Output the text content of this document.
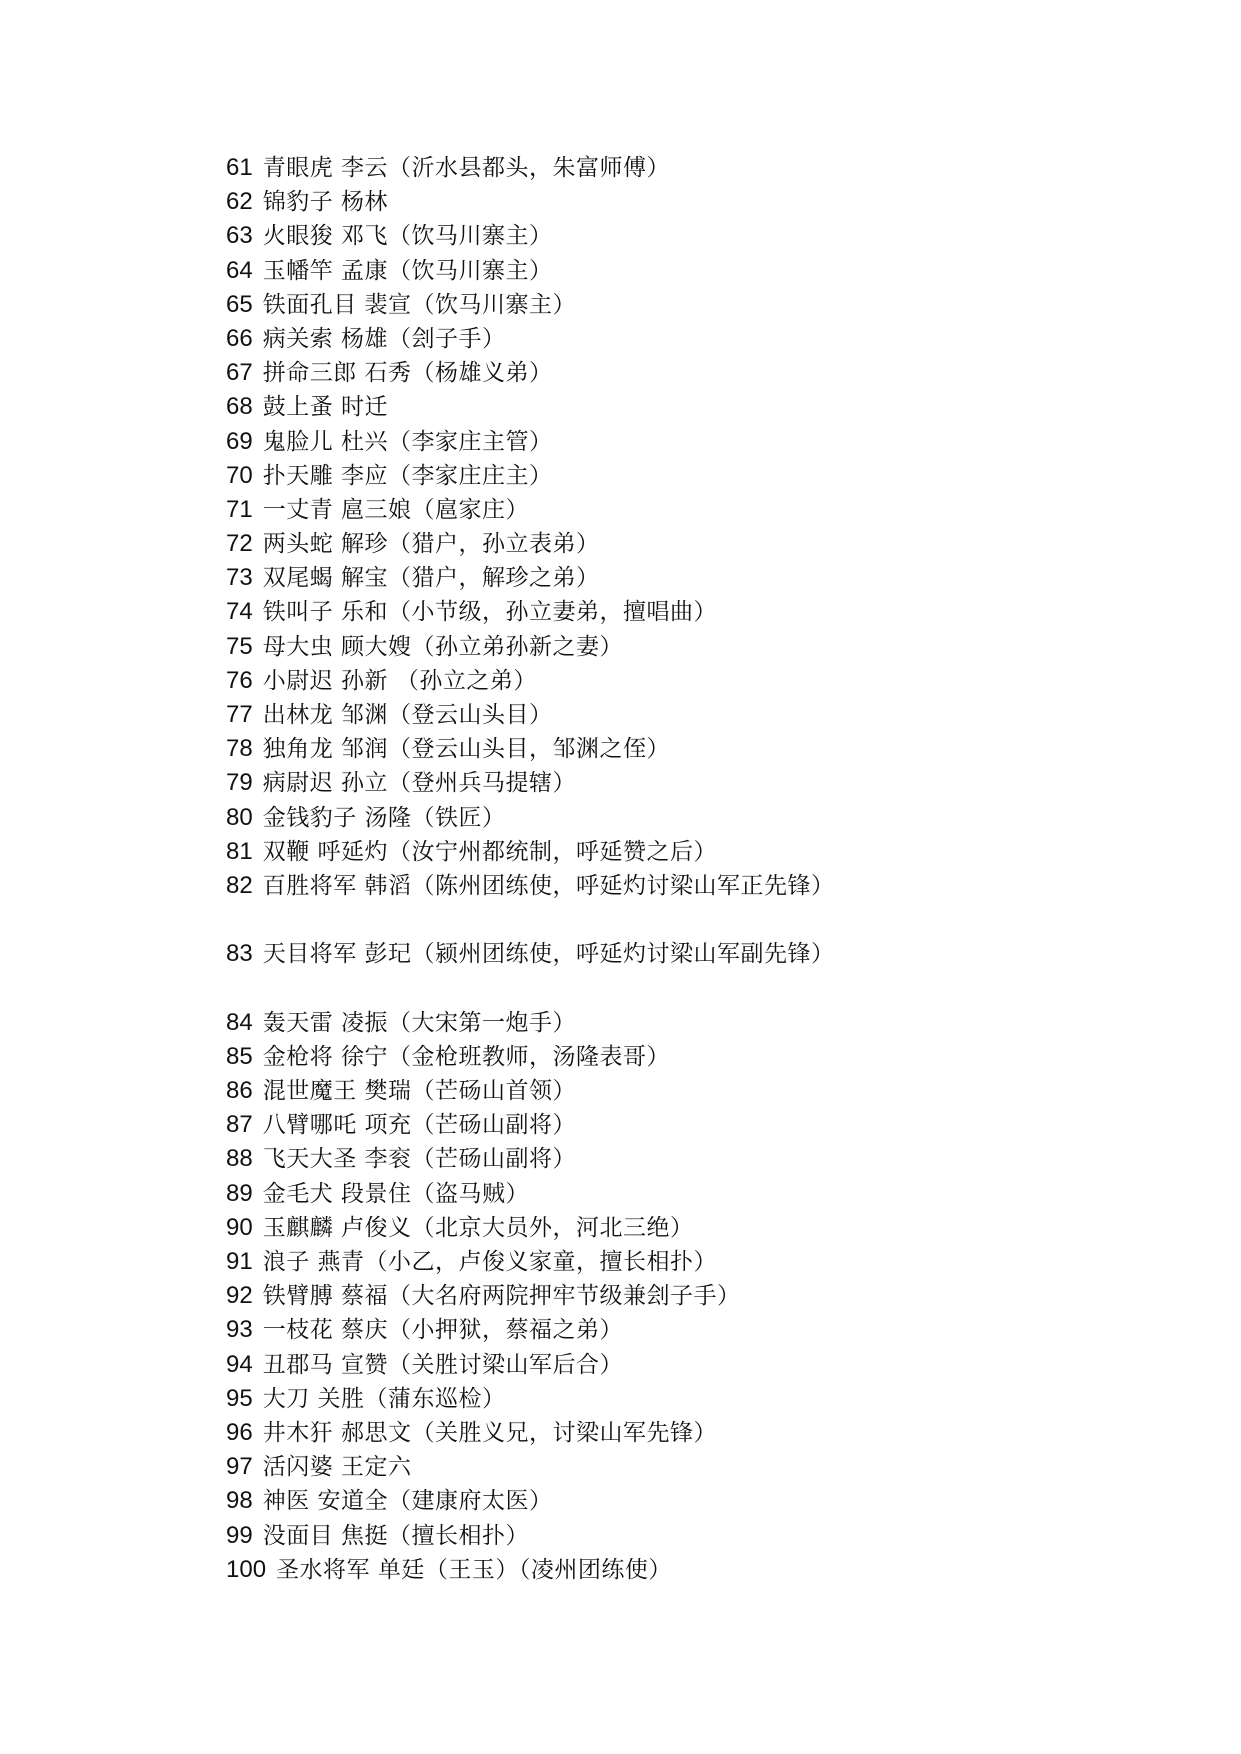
61 青眼虎 李云（沂水县都头，朱富师傅）
62 锦豹子 杨林
63 火眼狻 邓飞（饮马川寨主）
64 玉幡竿 孟康（饮马川寨主）
65 铁面孔目 裴宣（饮马川寨主）
66 病关索 杨雄（刽子手）
67 拼命三郎 石秀（杨雄义弟）
68 鼓上蚤 时迁
69 鬼脸儿 杜兴（李家庄主管）
70 扑天雕 李应（李家庄庄主）
71 一丈青 扈三娘（扈家庄）
72 两头蛇 解珍（猎户，孙立表弟）
73 双尾蝎 解宝（猎户，解珍之弟）
74 铁叫子 乐和（小节级，孙立妻弟，擅唱曲）
75 母大虫 顾大嫂（孙立弟孙新之妻）
76 小尉迟 孙新 （孙立之弟）
77 出林龙 邹渊（登云山头目）
78 独角龙 邹润（登云山头目，邹渊之侄）
79 病尉迟 孙立（登州兵马提辖）
80 金钱豹子 汤隆（铁匠）
81 双鞭 呼延灼（汝宁州都统制，呼延赞之后）
82 百胜将军 韩滔（陈州团练使，呼延灼讨梁山军正先锋）
83 天目将军 彭玘（颍州团练使，呼延灼讨梁山军副先锋）
84 轰天雷 凌振（大宋第一炮手）
85 金枪将 徐宁（金枪班教师，汤隆表哥）
86 混世魔王 樊瑞（芒砀山首领）
87 八臂哪吒 项充（芒砀山副将）
88 飞天大圣 李衮（芒砀山副将）
89 金毛犬 段景住（盗马贼）
90 玉麒麟 卢俊义（北京大员外，河北三绝）
91 浪子 燕青（小乙，卢俊义家童，擅长相扑）
92 铁臂膊 蔡福（大名府两院押牢节级兼刽子手）
93 一枝花 蔡庆（小押狱，蔡福之弟）
94 丑郡马 宣赞（关胜讨梁山军后合）
95 大刀 关胜（蒲东巡检）
96 井木犴 郝思文（关胜义兄，讨梁山军先锋）
97 活闪婆 王定六
98 神医 安道全（建康府太医）
99 没面目 焦挺（擅长相扑）
100 圣水将军 单廷（王玉）（凌州团练使）
